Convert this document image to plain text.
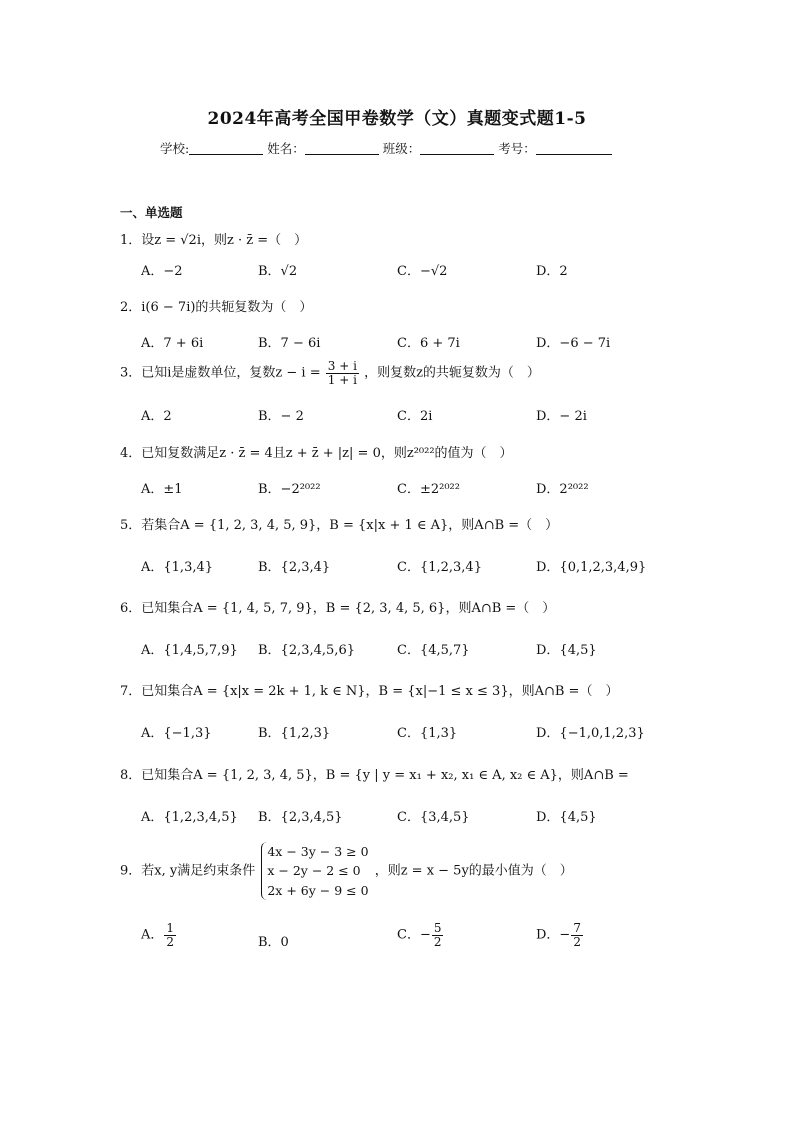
2024年高考全国甲卷数学（文）真题变式题1-5
学校:	姓名：	班级：	考号：
一、单选题
1．设z = √2i，则z · z̄ =（　）
A．−2	B．√2	C．−√2	D．2
2．i(6 − 7i)的共轭复数为（　）
A．7 + 6i	B．7 − 6i	C．6 + 7i	D．−6 − 7i
3．已知i是虚数单位，复数$z - i = \frac{3 + i}{1 + i}$ ，则复数z的共轭复数为（　）
A．2	B．− 2	C．2i	D．− 2i
4．已知复数满足z · z̄ = 4且z + z̄ + |z| = 0，则z²⁰²²的值为（　）
A．±1	B．−2²⁰²²	C．±2²⁰²²	D．2²⁰²²
5．若集合A = {1, 2, 3, 4, 5, 9}，B = {x|x + 1 ∈ A}，则A∩B =（　）
A．{1,3,4}	B．{2,3,4}	C．{1,2,3,4}	D．{0,1,2,3,4,9}
6．已知集合A = {1, 4, 5, 7, 9}，B = {2, 3, 4, 5, 6}，则A∩B =（　）
A．{1,4,5,7,9} B．{2,3,4,5,6}	C．{4,5,7}	D．{4,5}
7．已知集合A = {x|x = 2k + 1, k ∈ N}，B = {x|−1 ≤ x ≤ 3}，则A∩B =（　）
A．{−1,3}	B．{1,2,3}	C．{1,3}	D．{−1,0,1,2,3}
8．已知集合A = {1, 2, 3, 4, 5}，B = {y | y = x₁ + x₂, x₁ ∈ A, x₂ ∈ A}，则A∩B =
A．{1,2,3,4,5} B．{2,3,4,5}	C．{3,4,5}	D．{4,5}
9．若x, y满足约束条件
4x − 3y − 3 ≥ 0
x − 2y − 2 ≤ 0
2x + 6y − 9 ≤ 0
，则z = x − 5y的最小值为（　）
A． $\frac{1}{2}$	B．0	C．− $\frac{5}{2}$	D．− $\frac{7}{2}$
